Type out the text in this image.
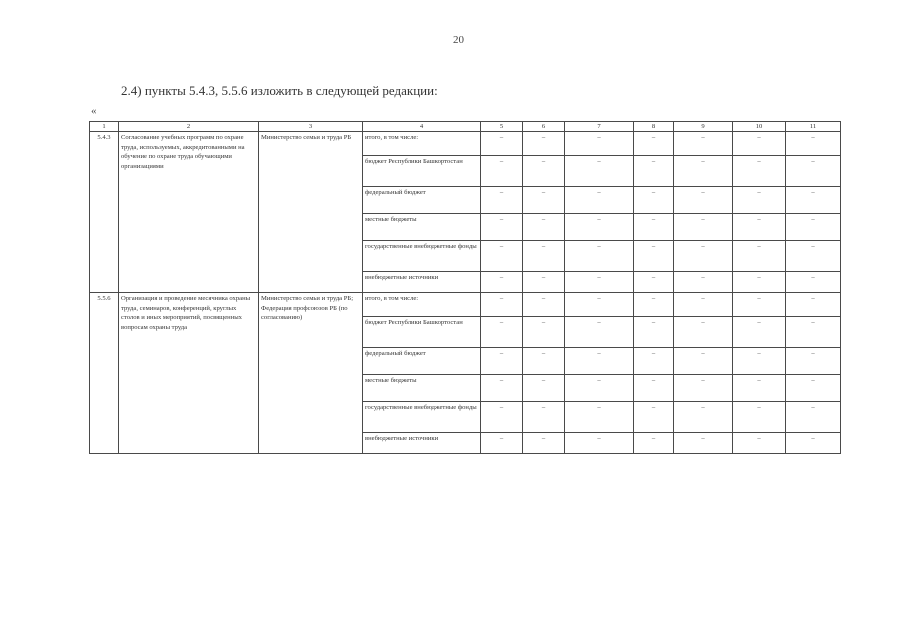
20
2.4) пункты 5.4.3, 5.5.6 изложить в следующей редакции:
«
1	2	3	4	5	6	7	8	9	10	11
5.4.3	Согласование учебных программ по охране труда, используемых, аккредитованными на обучение по охране труда обучающими организациями	Министерство семьи и труда РБ	итого, в том числе:	–	–	–	–	–	–	–
			бюджет Республики Башкортостан	–	–	–	–	–	–	–
			федеральный бюджет	–	–	–	–	–	–	–
			местные бюджеты	–	–	–	–	–	–	–
			государственные внебюджетные фонды	–	–	–	–	–	–	–
			внебюджетные источники	–	–	–	–	–	–	–
5.5.6	Организация и проведение месячника охраны труда, семинаров, конференций, круглых столов и иных мероприятий, посвященных вопросам охраны труда	Министерство семьи и труда РБ; Федерация профсоюзов РБ (по согласованию)	итого, в том числе:	–	–	–	–	–	–	–
			бюджет Республики Башкортостан	–	–	–	–	–	–	–
			федеральный бюджет	–	–	–	–	–	–	–
			местные бюджеты	–	–	–	–	–	–	–
			государственные внебюджетные фонды	–	–	–	–	–	–	–
			внебюджетные источники	–	–	–	–	–	–	–
